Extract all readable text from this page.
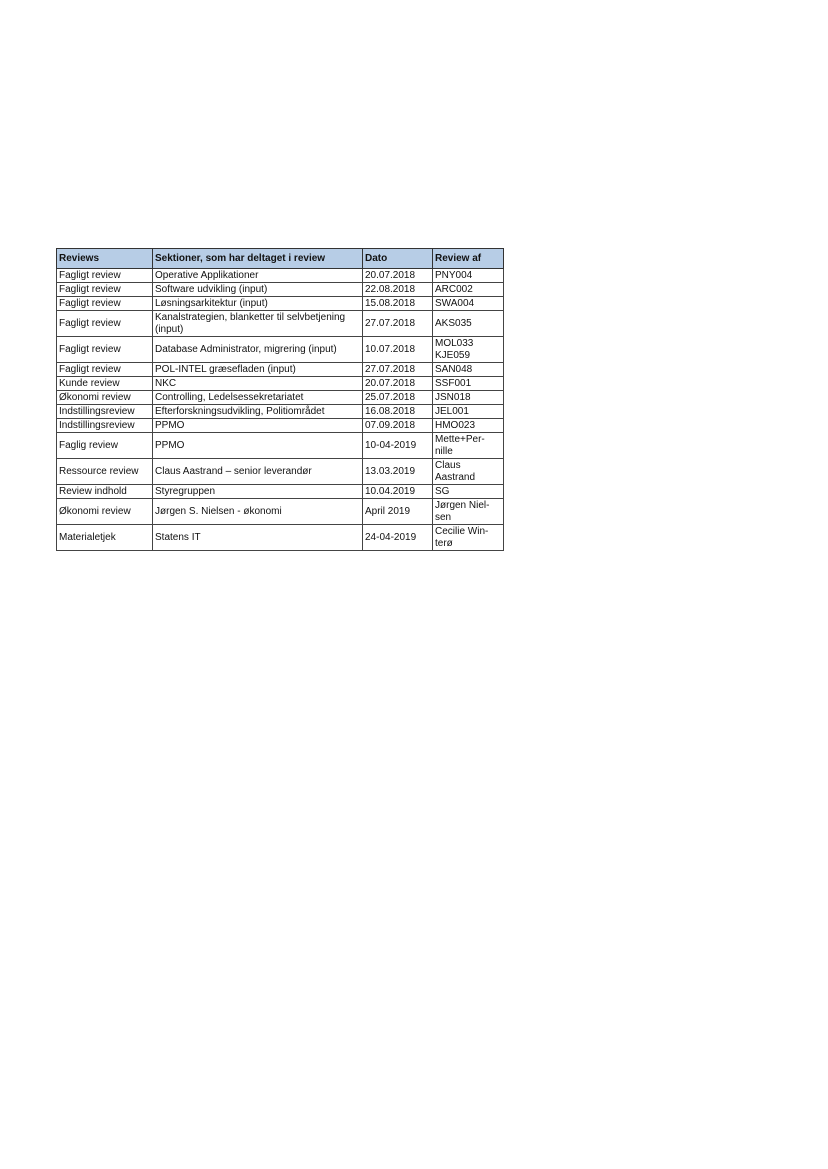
Reviews	Sektioner, som har deltaget i review	Dato	Review af
Fagligt review	Operative Applikationer	20.07.2018	PNY004
Fagligt review	Software udvikling (input)	22.08.2018	ARC002
Fagligt review	Løsningsarkitektur (input)	15.08.2018	SWA004
Fagligt review	Kanalstrategien, blanketter til selvbetjening (input)	27.07.2018	AKS035
Fagligt review	Database Administrator, migrering (input)	10.07.2018	MOL033 KJE059
Fagligt review	POL-INTEL græsefladen (input)	27.07.2018	SAN048
Kunde review	NKC	20.07.2018	SSF001
Økonomi review	Controlling, Ledelsessekretariatet	25.07.2018	JSN018
Indstillingsreview	Efterforskningsudvikling, Politiområdet	16.08.2018	JEL001
Indstillingsreview	PPMO	07.09.2018	HMO023
Faglig review	PPMO	10-04-2019	Mette+Per-nille
Ressource review	Claus Aastrand – senior leverandør	13.03.2019	Claus Aastrand
Review indhold	Styregruppen	10.04.2019	SG
Økonomi review	Jørgen S. Nielsen - økonomi	April 2019	Jørgen Niel-sen
Materialetjek	Statens IT	24-04-2019	Cecilie Win-terø
